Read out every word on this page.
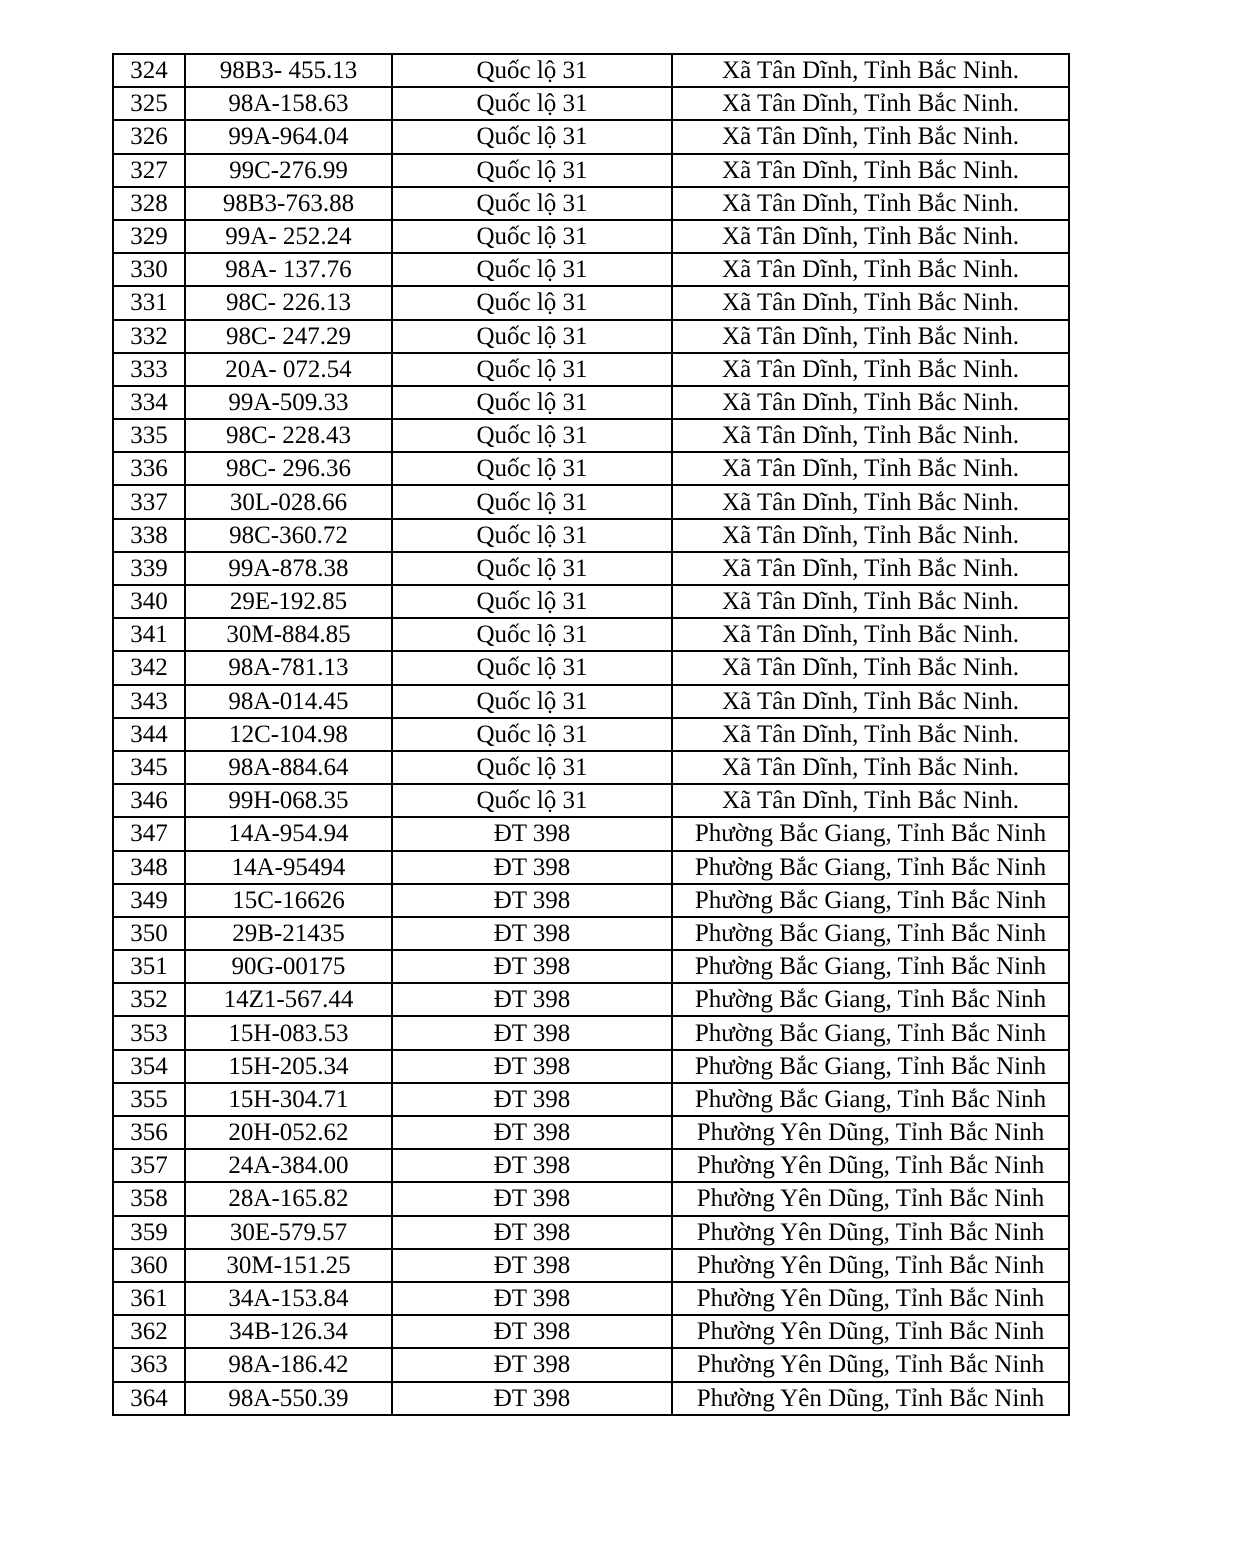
324	98B3- 455.13	Quốc lộ 31	Xã Tân Dĩnh, Tỉnh Bắc Ninh.
325	98A-158.63	Quốc lộ 31	Xã Tân Dĩnh, Tỉnh Bắc Ninh.
326	99A-964.04	Quốc lộ 31	Xã Tân Dĩnh, Tỉnh Bắc Ninh.
327	99C-276.99	Quốc lộ 31	Xã Tân Dĩnh, Tỉnh Bắc Ninh.
328	98B3-763.88	Quốc lộ 31	Xã Tân Dĩnh, Tỉnh Bắc Ninh.
329	99A- 252.24	Quốc lộ 31	Xã Tân Dĩnh, Tỉnh Bắc Ninh.
330	98A- 137.76	Quốc lộ 31	Xã Tân Dĩnh, Tỉnh Bắc Ninh.
331	98C- 226.13	Quốc lộ 31	Xã Tân Dĩnh, Tỉnh Bắc Ninh.
332	98C- 247.29	Quốc lộ 31	Xã Tân Dĩnh, Tỉnh Bắc Ninh.
333	20A- 072.54	Quốc lộ 31	Xã Tân Dĩnh, Tỉnh Bắc Ninh.
334	99A-509.33	Quốc lộ 31	Xã Tân Dĩnh, Tỉnh Bắc Ninh.
335	98C- 228.43	Quốc lộ 31	Xã Tân Dĩnh, Tỉnh Bắc Ninh.
336	98C- 296.36	Quốc lộ 31	Xã Tân Dĩnh, Tỉnh Bắc Ninh.
337	30L-028.66	Quốc lộ 31	Xã Tân Dĩnh, Tỉnh Bắc Ninh.
338	98C-360.72	Quốc lộ 31	Xã Tân Dĩnh, Tỉnh Bắc Ninh.
339	99A-878.38	Quốc lộ 31	Xã Tân Dĩnh, Tỉnh Bắc Ninh.
340	29E-192.85	Quốc lộ 31	Xã Tân Dĩnh, Tỉnh Bắc Ninh.
341	30M-884.85	Quốc lộ 31	Xã Tân Dĩnh, Tỉnh Bắc Ninh.
342	98A-781.13	Quốc lộ 31	Xã Tân Dĩnh, Tỉnh Bắc Ninh.
343	98A-014.45	Quốc lộ 31	Xã Tân Dĩnh, Tỉnh Bắc Ninh.
344	12C-104.98	Quốc lộ 31	Xã Tân Dĩnh, Tỉnh Bắc Ninh.
345	98A-884.64	Quốc lộ 31	Xã Tân Dĩnh, Tỉnh Bắc Ninh.
346	99H-068.35	Quốc lộ 31	Xã Tân Dĩnh, Tỉnh Bắc Ninh.
347	14A-954.94	ĐT 398	Phường Bắc Giang, Tỉnh Bắc Ninh
348	14A-95494	ĐT 398	Phường Bắc Giang, Tỉnh Bắc Ninh
349	15C-16626	ĐT 398	Phường Bắc Giang, Tỉnh Bắc Ninh
350	29B-21435	ĐT 398	Phường Bắc Giang, Tỉnh Bắc Ninh
351	90G-00175	ĐT 398	Phường Bắc Giang, Tỉnh Bắc Ninh
352	14Z1-567.44	ĐT 398	Phường Bắc Giang, Tỉnh Bắc Ninh
353	15H-083.53	ĐT 398	Phường Bắc Giang, Tỉnh Bắc Ninh
354	15H-205.34	ĐT 398	Phường Bắc Giang, Tỉnh Bắc Ninh
355	15H-304.71	ĐT 398	Phường Bắc Giang, Tỉnh Bắc Ninh
356	20H-052.62	ĐT 398	Phường Yên Dũng, Tỉnh Bắc Ninh
357	24A-384.00	ĐT 398	Phường Yên Dũng, Tỉnh Bắc Ninh
358	28A-165.82	ĐT 398	Phường Yên Dũng, Tỉnh Bắc Ninh
359	30E-579.57	ĐT 398	Phường Yên Dũng, Tỉnh Bắc Ninh
360	30M-151.25	ĐT 398	Phường Yên Dũng, Tỉnh Bắc Ninh
361	34A-153.84	ĐT 398	Phường Yên Dũng, Tỉnh Bắc Ninh
362	34B-126.34	ĐT 398	Phường Yên Dũng, Tỉnh Bắc Ninh
363	98A-186.42	ĐT 398	Phường Yên Dũng, Tỉnh Bắc Ninh
364	98A-550.39	ĐT 398	Phường Yên Dũng, Tỉnh Bắc Ninh
